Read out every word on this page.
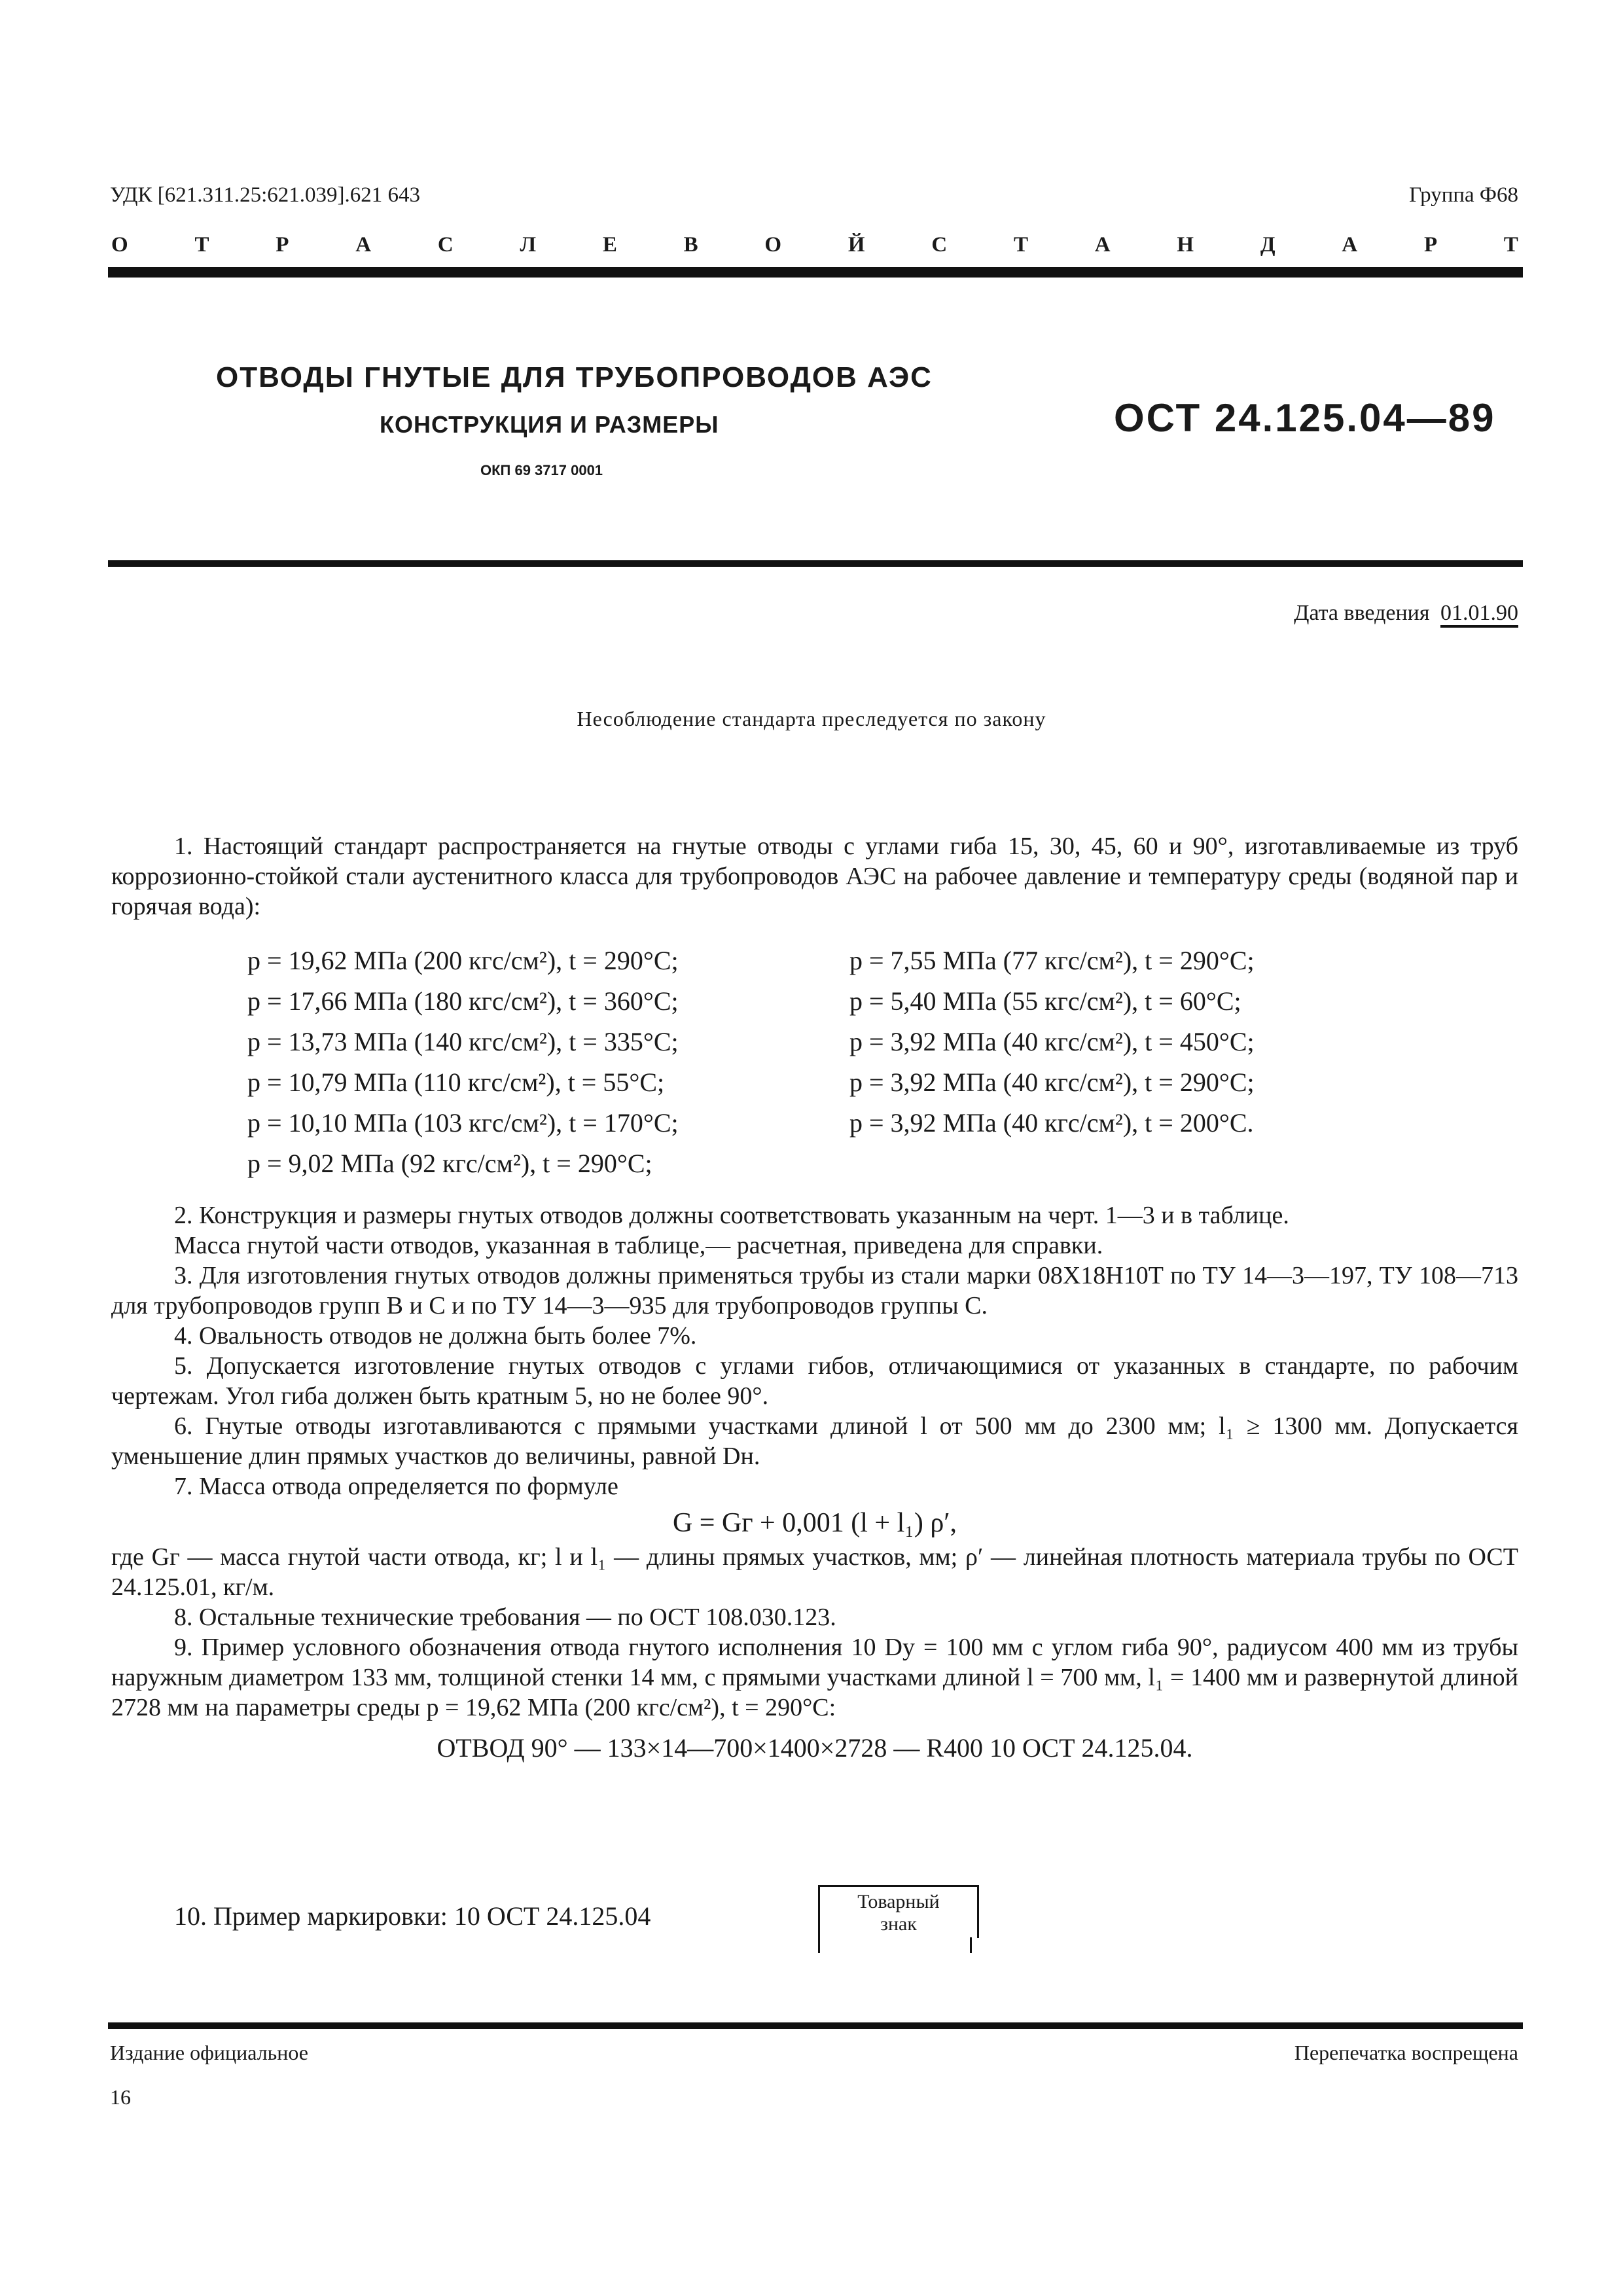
УДК [621.311.25:621.039].621 643	Группа Ф68
О	Т	Р	А	С	Л	Е	В	О	Й	С	Т	А	Н	Д	А	Р	Т
ОТВОДЫ ГНУТЫЕ ДЛЯ ТРУБОПРОВОДОВ АЭС
КОНСТРУКЦИЯ И РАЗМЕРЫ
ОКП 69 3717 0001
ОСТ 24.125.04—89
Дата введения 01.01.90
Несоблюдение стандарта преследуется по закону

1. Настоящий стандарт распространяется на гнутые отводы с углами гиба 15, 30, 45, 60 и 90°, изготавливаемые из труб коррозионно-стойкой стали аустенитного класса для трубопроводов АЭС на рабочее давление и температуру среды (водяной пар и горячая вода):

p = 19,62 МПа (200 кгс/см²), t = 290°С;	p = 7,55 МПа (77 кгс/см²), t = 290°С;
p = 17,66 МПа (180 кгс/см²), t = 360°С;	p = 5,40 МПа (55 кгс/см²), t = 60°С;
p = 13,73 МПа (140 кгс/см²), t = 335°С;	p = 3,92 МПа (40 кгс/см²), t = 450°С;
p = 10,79 МПа (110 кгс/см²), t = 55°С;	p = 3,92 МПа (40 кгс/см²), t = 290°С;
p = 10,10 МПа (103 кгс/см²), t = 170°С;	p = 3,92 МПа (40 кгс/см²), t = 200°С.
p = 9,02 МПа (92 кгс/см²), t = 290°С;

2. Конструкция и размеры гнутых отводов должны соответствовать указанным на черт. 1—3 и в таблице.

Масса гнутой части отводов, указанная в таблице,— расчетная, приведена для справки.

3. Для изготовления гнутых отводов должны применяться трубы из стали марки 08Х18Н10Т по ТУ 14—3—197, ТУ 108—713 для трубопроводов групп В и С и по ТУ 14—3—935 для трубопроводов группы С.

4. Овальность отводов не должна быть более 7%.

5. Допускается изготовление гнутых отводов с углами гибов, отличающимися от указанных в стандарте, по рабочим чертежам. Угол гиба должен быть кратным 5, но не более 90°.

6. Гнутые отводы изготавливаются с прямыми участками длиной l от 500 мм до 2300 мм; l₁ ≥ 1300 мм. Допускается уменьшение длин прямых участков до величины, равной Dн.

7. Масса отвода определяется по формуле

G = Gг + 0,001 (l + l₁) ρ′,

где Gг — масса гнутой части отвода, кг; l и l₁ — длины прямых участков, мм; ρ′ — линейная плотность материала трубы по ОСТ 24.125.01, кг/м.

8. Остальные технические требования — по ОСТ 108.030.123.

9. Пример условного обозначения отвода гнутого исполнения 10 Dу = 100 мм с углом гиба 90°, радиусом 400 мм из трубы наружным диаметром 133 мм, толщиной стенки 14 мм, с прямыми участками длиной l = 700 мм, l₁ = 1400 мм и развернутой длиной 2728 мм на параметры среды p = 19,62 МПа (200 кгс/см²), t = 290°С:

ОТВОД 90° — 133×14—700×1400×2728 — R400 10 ОСТ 24.125.04.

10. Пример маркировки: 10 ОСТ 24.125.04	Товарный
знак
Издание официальное	Перепечатка воспрещена
16
